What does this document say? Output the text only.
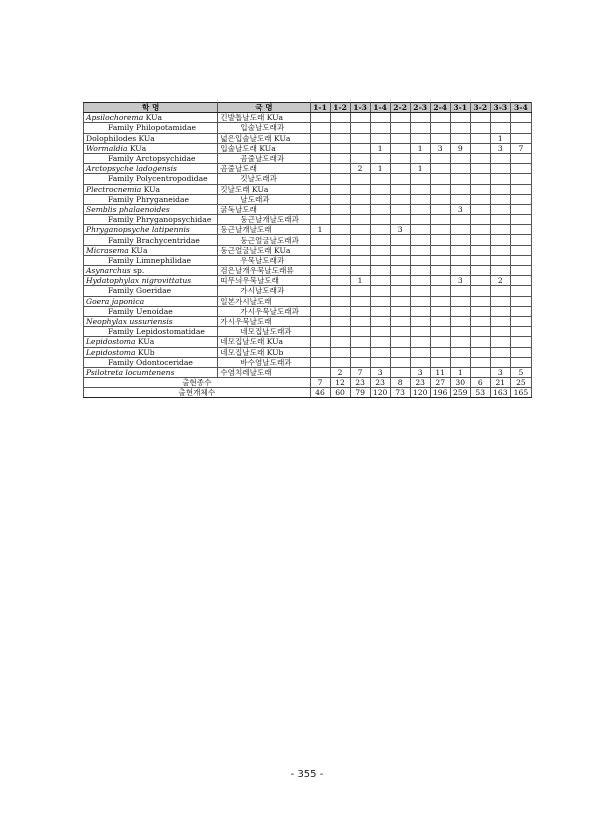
학 명	국 명	1-1	1-2	1-3	1-4	2-2	2-3	2-4	3-1	3-2	3-3	3-4
Apsilochorema KUa	긴발톱날도래 KUa											
Family Philopotamidae	입술날도래과											
Dolophilodes KUa	넓은입술날도래 KUa										1	
Wormaldia KUa	입술날도래 KUa				1		1	3	9		3	7
Family Arctopsychidae	곰줄날도래과											
Arctopsyche ladogensis	곰줄날도래			2	1		1					
Family Polycentropodidae	깃날도래과											
Plectrocnemia KUa	깃날도래 KUa											
Family Phryganeidae	날도래과											
Semblis phalaenoides	굵둑날도래								3			
Family Phryganopsychidae	둥근날개날도래과											
Phryganopsyche latipennis	둥근날개날도래	1				3						
Family Brachycentridae	둥근얼굴날도래과											
Micrasema KUa	둥근얼굴날도래 KUa											
Family Limnephilidae	우묵날도래과											
Asynarchus sp.	검은날개우묵날도래류											
Hydatophylax nigrovittatus	띠무늬우묵날도래			1					3		2	
Family Goeridae	가시날도래과											
Goera japonica	일본가시날도래											
Family Uenoidae	가시우묵날도래과											
Neophylax ussuriensis	가시우묵날도래											
Family Lepidostomatidae	네모집날도래과											
Lepidostoma KUa	네모집날도래 KUa											
Lepidostoma KUb	네모집날도래 KUb											
Family Odontoceridae	바수염날도래과											
Psilotreta locumtenens	수염치레날도래		2	7	3		3	11	1		3	5
출현종수		7	12	23	23	8	23	27	30	6	21	25
출현개체수		46	60	79	120	73	120	196	259	53	163	165
- 355 -
